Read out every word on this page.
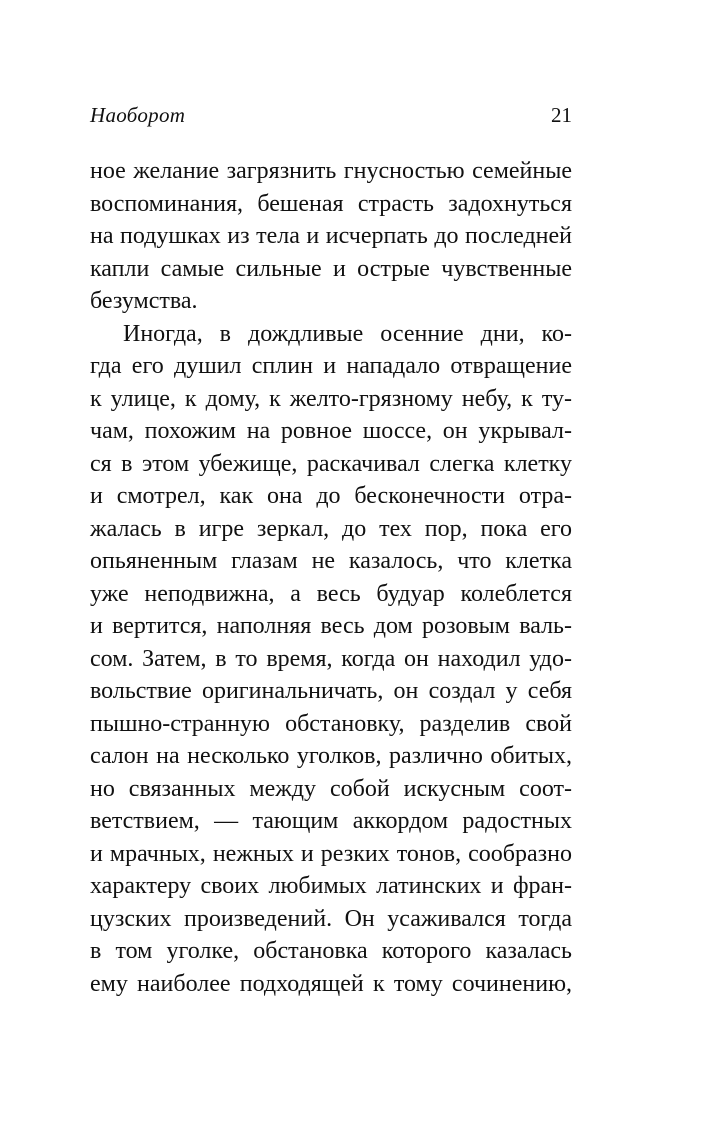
Наоборот	21
ное желание загрязнить гнусностью семейные
воспоминания, бешеная страсть задохнуться
на подушках из тела и исчерпать до последней
капли самые сильные и острые чувственные
безумства.
Иногда, в дождливые осенние дни, ко-
гда его душил сплин и нападало отвращение
к улице, к дому, к желто-грязному небу, к ту-
чам, похожим на ровное шоссе, он укрывал-
ся в этом убежище, раскачивал слегка клетку
и смотрел, как она до бесконечности отра-
жалась в игре зеркал, до тех пор, пока его
опьяненным глазам не казалось, что клетка
уже неподвижна, а весь будуар колеблется
и вертится, наполняя весь дом розовым валь-
сом. Затем, в то время, когда он находил удо-
вольствие оригинальничать, он создал у себя
пышно-странную обстановку, разделив свой
салон на несколько уголков, различно обитых,
но связанных между собой искусным соот-
ветствием, — тающим аккордом радостных
и мрачных, нежных и резких тонов, сообразно
характеру своих любимых латинских и фран-
цузских произведений. Он усаживался тогда
в том уголке, обстановка которого казалась
ему наиболее подходящей к тому сочинению,
